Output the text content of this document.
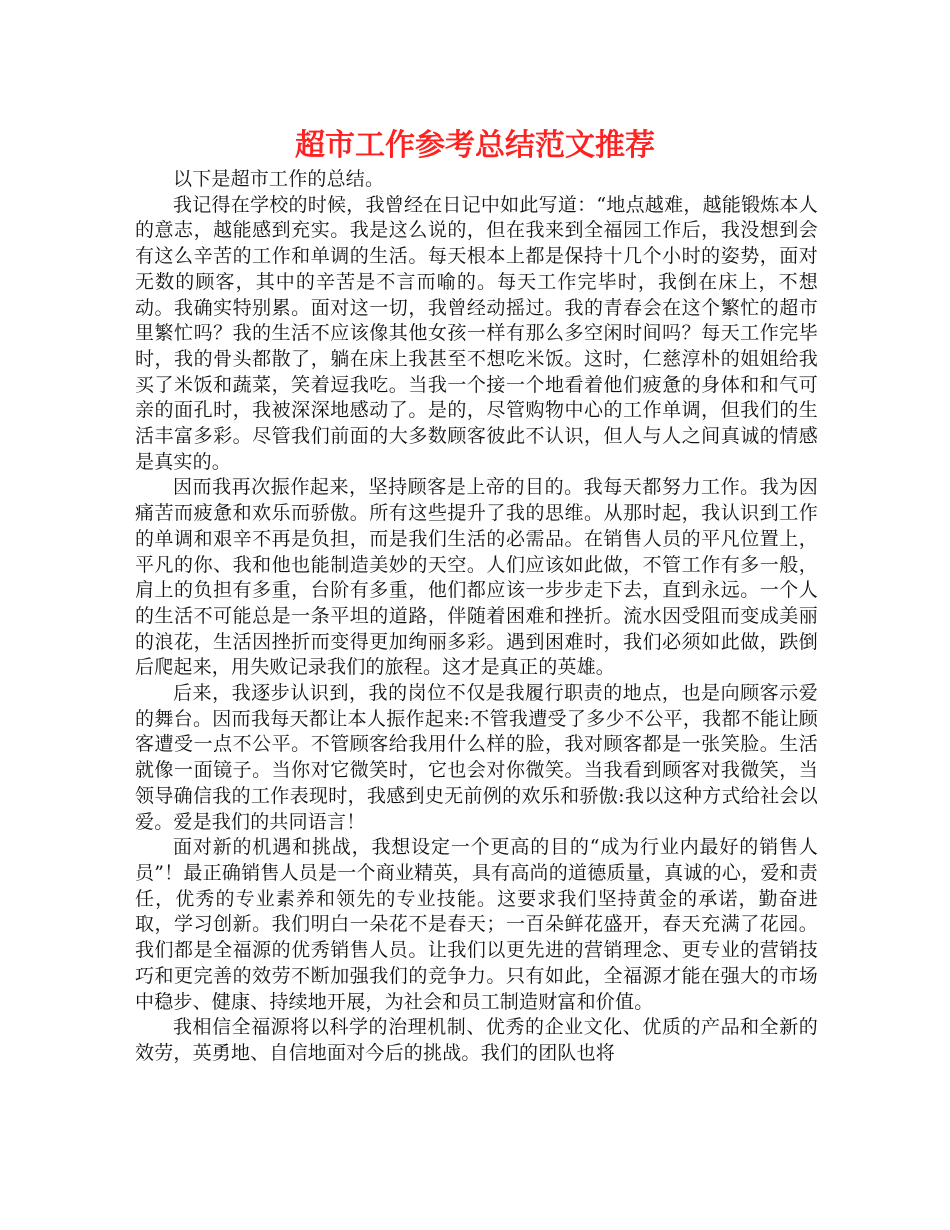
超市工作参考总结范文推荐

以下是超市工作的总结。

我记得在学校的时候，我曾经在日记中如此写道：“地点越难，越能锻炼本人的意志，越能感到充实。我是这么说的，但在我来到全福园工作后，我没想到会有这么辛苦的工作和单调的生活。每天根本上都是保持十几个小时的姿势，面对无数的顾客，其中的辛苦是不言而喻的。每天工作完毕时，我倒在床上，不想动。我确实特别累。面对这一切，我曾经动摇过。我的青春会在这个繁忙的超市里繁忙吗？我的生活不应该像其他女孩一样有那么多空闲时间吗？每天工作完毕时，我的骨头都散了，躺在床上我甚至不想吃米饭。这时，仁慈淳朴的姐姐给我买了米饭和蔬菜，笑着逗我吃。当我一个接一个地看着他们疲惫的身体和和气可亲的面孔时，我被深深地感动了。是的，尽管购物中心的工作单调，但我们的生活丰富多彩。尽管我们前面的大多数顾客彼此不认识，但人与人之间真诚的情感是真实的。

因而我再次振作起来，坚持顾客是上帝的目的。我每天都努力工作。我为因痛苦而疲惫和欢乐而骄傲。所有这些提升了我的思维。从那时起，我认识到工作的单调和艰辛不再是负担，而是我们生活的必需品。在销售人员的平凡位置上，平凡的你、我和他也能制造美妙的天空。人们应该如此做，不管工作有多一般，肩上的负担有多重，台阶有多重，他们都应该一步步走下去，直到永远。一个人的生活不可能总是一条平坦的道路，伴随着困难和挫折。流水因受阻而变成美丽的浪花，生活因挫折而变得更加绚丽多彩。遇到困难时，我们必须如此做，跌倒后爬起来，用失败记录我们的旅程。这才是真正的英雄。

后来，我逐步认识到，我的岗位不仅是我履行职责的地点，也是向顾客示爱的舞台。因而我每天都让本人振作起来:不管我遭受了多少不公平，我都不能让顾客遭受一点不公平。不管顾客给我用什么样的脸，我对顾客都是一张笑脸。生活就像一面镜子。当你对它微笑时，它也会对你微笑。当我看到顾客对我微笑，当领导确信我的工作表现时，我感到史无前例的欢乐和骄傲:我以这种方式给社会以爱。爱是我们的共同语言！

面对新的机遇和挑战，我想设定一个更高的目的“成为行业内最好的销售人员”！最正确销售人员是一个商业精英，具有高尚的道德质量，真诚的心，爱和责任，优秀的专业素养和领先的专业技能。这要求我们坚持黄金的承诺，勤奋进取，学习创新。我们明白一朵花不是春天；一百朵鲜花盛开，春天充满了花园。我们都是全福源的优秀销售人员。让我们以更先进的营销理念、更专业的营销技巧和更完善的效劳不断加强我们的竞争力。只有如此，全福源才能在强大的市场中稳步、健康、持续地开展，为社会和员工制造财富和价值。

我相信全福源将以科学的治理机制、优秀的企业文化、优质的产品和全新的效劳，英勇地、自信地面对今后的挑战。我们的团队也将
